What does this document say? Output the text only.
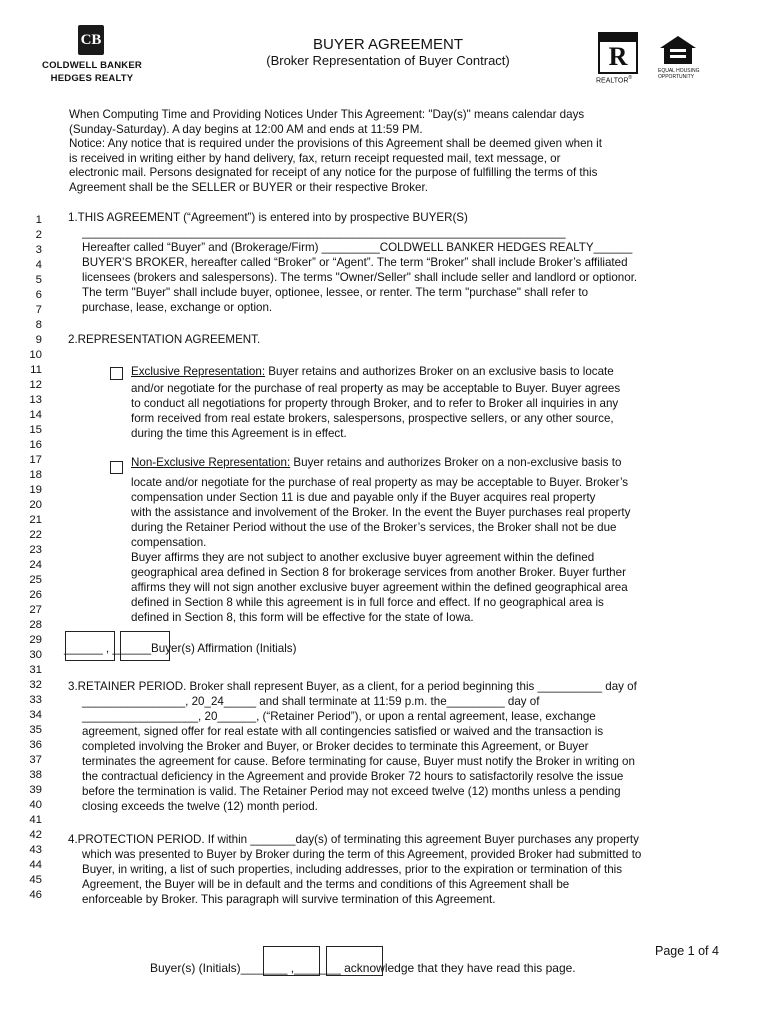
CB
COLDWELL BANKER
HEDGES REALTY
BUYER AGREEMENT
(Broker Representation of Buyer Contract)	R
REALTOR®
EQUAL HOUSING
OPPORTUNITY
When Computing Time and Providing Notices Under This Agreement: "Day(s)" means calendar days
(Sunday-Saturday). A day begins at 12:00 AM and ends at 11:59 PM.
Notice: Any notice that is required under the provisions of this Agreement shall be deemed given when it
is received in writing either by hand delivery, fax, return receipt requested mail, text message, or
electronic mail. Persons designated for receipt of any notice for the purpose of fulfilling the terms of this
Agreement shall be the SELLER or BUYER or their respective Broker.
1
2
3
4
5
6
7
8
9
10
11
12
13
14
15
16
17
18
19
20
21
22
23
24
25
26
27
28
29
30
31
32
33
34
35
36
37
38
39
40
41
42
43
44
45
46
1.THIS AGREEMENT (“Agreement”) is entered into by prospective BUYER(S)
___________________________________________________________________________
Hereafter called “Buyer” and (Brokerage/Firm) _________COLDWELL BANKER HEDGES REALTY______
BUYER’S BROKER, hereafter called “Broker” or “Agent”. The term “Broker” shall include Broker’s affiliated
licensees (brokers and salespersons). The terms "Owner/Seller" shall include seller and landlord or optionor.
The term "Buyer" shall include buyer, optionee, lessee, or renter. The term "purchase" shall refer to
purchase, lease, exchange or option.
2.REPRESENTATION AGREEMENT.
Exclusive Representation: Buyer retains and authorizes Broker on an exclusive basis to locate
and/or negotiate for the purchase of real property as may be acceptable to Buyer. Buyer agrees
to conduct all negotiations for property through Broker, and to refer to Broker all inquiries in any
form received from real estate brokers, salespersons, prospective sellers, or any other source,
during the time this Agreement is in effect.
Non-Exclusive Representation: Buyer retains and authorizes Broker on a non-exclusive basis to
locate and/or negotiate for the purchase of real property as may be acceptable to Buyer. Broker’s
compensation under Section 11 is due and payable only if the Buyer acquires real property
with the assistance and involvement of the Broker. In the event the Buyer purchases real property
during the Retainer Period without the use of the Broker’s services, the Broker shall not be due
compensation.
Buyer affirms they are not subject to another exclusive buyer agreement within the defined
geographical area defined in Section 8 for brokerage services from another Broker. Buyer further
affirms they will not sign another exclusive buyer agreement within the defined geographical area
defined in Section 8 while this agreement is in full force and effect. If no geographical area is
defined in Section 8, this form will be effective for the state of Iowa.
______ , ______Buyer(s) Affirmation (Initials)
3.RETAINER PERIOD. Broker shall represent Buyer, as a client, for a period beginning this __________ day of
________________, 20_24_____ and shall terminate at 11:59 p.m. the_________ day of
__________________, 20______, (“Retainer Period”), or upon a rental agreement, lease, exchange
agreement, signed offer for real estate with all contingencies satisfied or waived and the transaction is
completed involving the Broker and Buyer, or Broker decides to terminate this Agreement, or Buyer
terminates the agreement for cause. Before terminating for cause, Buyer must notify the Broker in writing on
the contractual deficiency in the Agreement and provide Broker 72 hours to satisfactorily resolve the issue
before the termination is valid. The Retainer Period may not exceed twelve (12) months unless a pending
closing exceeds the twelve (12) month period.
4.PROTECTION PERIOD. If within _______day(s) of terminating this agreement Buyer purchases any property
which was presented to Buyer by Broker during the term of this Agreement, provided Broker had submitted to
Buyer, in writing, a list of such properties, including addresses, prior to the expiration or termination of this
Agreement, the Buyer will be in default and the terms and conditions of this Agreement shall be
enforceable by Broker. This paragraph will survive termination of this Agreement.
Page 1 of 4
Buyer(s) (Initials)_______ ,_______ acknowledge that they have read this page.
